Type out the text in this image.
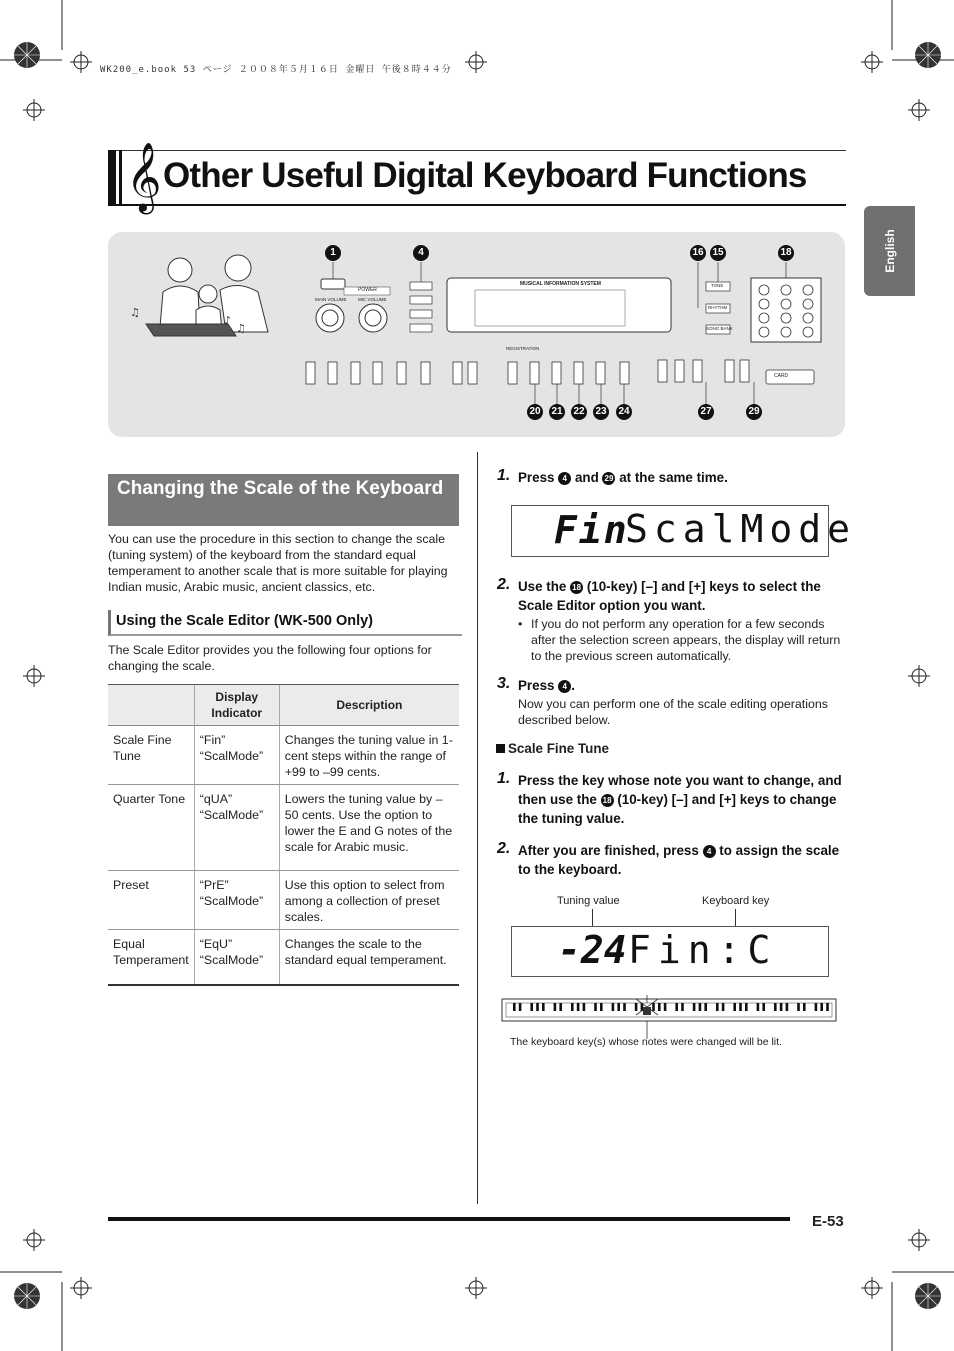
WK200_e.book 53 ページ ２００８年５月１６日 金曜日 午後８時４４分
𝄞 Other Useful Digital Keyboard Functions
English
♫
♪
♫
1	4	16 15	18
20 21 22 23 24	27	29
MUSICAL INFORMATION SYSTEM
POWER
MAIN VOLUME	MIC VOLUME
TONE
RHYTHM
SONG BANK
REGISTRATION
CARD
Changing the Scale of the Keyboard
You can use the procedure in this section to change the scale (tuning system) of the keyboard from the standard equal temperament to another scale that is more suitable for playing Indian music, Arabic music, ancient classics, etc.
Using the Scale Editor (WK-500 Only)
The Scale Editor provides you the following four options for changing the scale.
	Display Indicator	Description
Scale Fine Tune	“Fin” “ScalMode”	Changes the tuning value in 1-cent steps within the range of +99 to –99 cents.
Quarter Tone	“qUA” “ScalMode”	Lowers the tuning value by –50 cents. Use the option to lower the E and G notes of the scale for Arabic music.
Preset	“PrE” “ScalMode”	Use this option to select from among a collection of preset scales.
Equal Temperament	“EqU” “ScalMode”	Changes the scale to the standard equal temperament.
1. Press 4 and 29 at the same time.
Fin
ScalMode
2. Use the 18 (10-key) [–] and [+] keys to select the Scale Editor option you want.
• If you do not perform any operation for a few seconds after the selection screen appears, the display will return to the previous screen automatically.
3. Press 4 .
Now you can perform one of the scale editing operations described below.
Scale Fine Tune
1. Press the key whose note you want to change, and then use the 18 (10-key) [–] and [+] keys to change the tuning value.
2. After you are finished, press 4 to assign the scale to the keyboard.
Tuning value	Keyboard key
-24 Fin:C
The keyboard key(s) whose notes were changed will be lit.
E-53
